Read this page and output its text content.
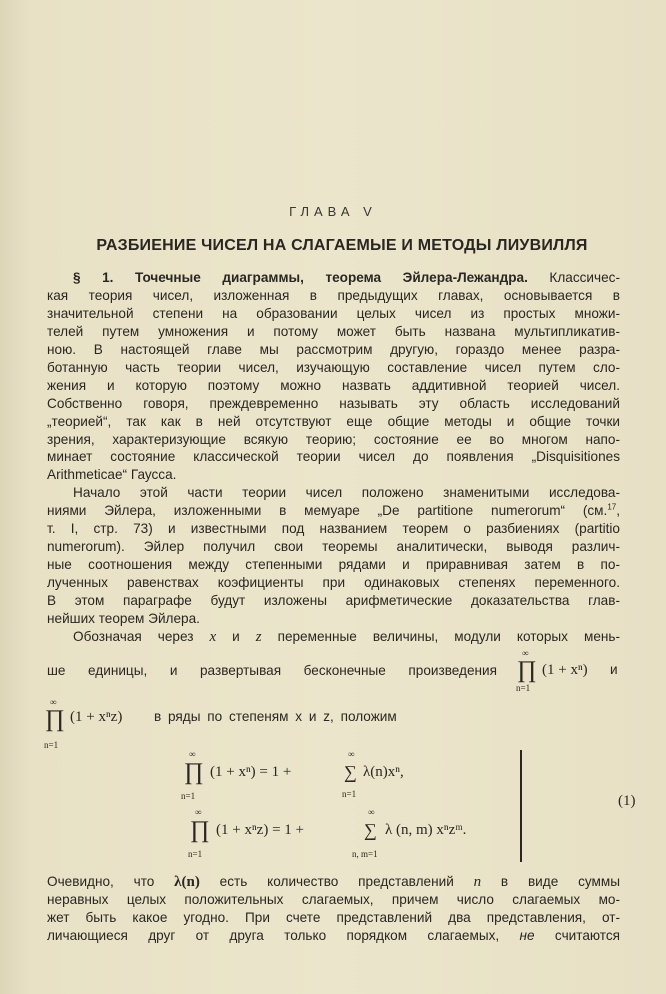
ГЛАВА V
РАЗБИЕНИЕ ЧИСЕЛ НА СЛАГАЕМЫЕ И МЕТОДЫ ЛИУВИЛЛЯ
§ 1. Точечные диаграммы, теорема Эйлера-Лежандра. Классичес-
кая теория чисел, изложенная в предыдущих главах, основывается в
значительной степени на образовании целых чисел из простых множи-
телей путем умножения и потому может быть названа мультипликатив-
ною. В настоящей главе мы рассмотрим другую, гораздо менее разра-
ботанную часть теории чисел, изучающую составление чисел путем сло-
жения и которую поэтому можно назвать аддитивной теорией чисел.
Собственно говоря, преждевременно называть эту область исследований
„теорией“, так как в ней отсутствуют еще общие методы и общие точки
зрения, характеризующие всякую теорию; состояние ее во многом напо-
минает состояние классической теории чисел до появления „Disquisitiones
Arithmeticae“ Гаусса.
Начало этой части теории чисел положено знаменитыми исследова-
ниями Эйлера, изложенными в мемуаре „De partitione numerorum“ (см.$^{17}$,
т. I, стр. 73) и известными под названием теорем о разбиениях (partitio
numerorum). Эйлер получил свои теоремы аналитически, выводя различ-
ные соотношения между степенными рядами и приравнивая затем в по-
лученных равенствах коэфициенты при одинаковых степенях переменного.
В этом параграфе будут изложены арифметические доказательства глав-
нейших теорем Эйлера.
Обозначая через x и z переменные величины, модули которых мень-
ше единицы, и развертывая бесконечные произведения
∞
∏
n=1
(1 + xⁿ) и
∞
∏
n=1
(1 + xⁿz) в ряды по степеням x и z, положим
∞
∏
n=1
(1 + xⁿ) = 1 +
∞
∑
n=1
λ(n)xⁿ,
∞
∏
n=1
(1 + xⁿz) = 1 +
∞
∑
n, m=1
λ (n, m) xⁿzᵐ.
(1)
Очевидно, что λ(n) есть количество представлений n в виде суммы
неравных целых положительных слагаемых, причем число слагаемых мо-
жет быть какое угодно. При счете представлений два представления, от-
личающиеся друг от друга только порядком слагаемых, не считаются
